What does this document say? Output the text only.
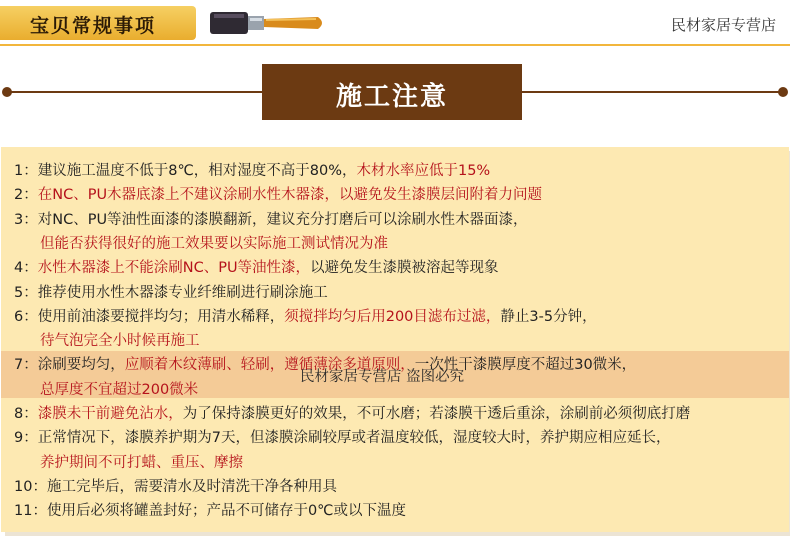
宝贝常规事项	民材家居专营店
施工注意
1：建议施工温度不低于8℃，相对湿度不高于80%，木材水率应低于15%
2：在NC、PU木器底漆上不建议涂刷水性木器漆，以避免发生漆膜层间附着力问题
3：对NC、PU等油性面漆的漆膜翻新，建议充分打磨后可以涂刷水性木器面漆，
但能否获得很好的施工效果要以实际施工测试情况为准
4：水性木器漆上不能涂刷NC、PU等油性漆，以避免发生漆膜被溶起等现象
5：推荐使用水性木器漆专业纤维刷进行刷涂施工
6：使用前油漆要搅拌均匀；用清水稀释，须搅拌均匀后用200目滤布过滤，静止3-5分钟，
待气泡完全小时候再施工
7：涂刷要均匀，应顺着木纹薄刷、轻刷，遵循薄涂多道原则，一次性干漆膜厚度不超过30微米，
总厚度不宜超过200微米
8：漆膜未干前避免沾水，为了保持漆膜更好的效果，不可水磨；若漆膜干透后重涂，涂刷前必须彻底打磨
9：正常情况下，漆膜养护期为7天，但漆膜涂刷较厚或者温度较低，湿度较大时，养护期应相应延长，
养护期间不可打蜡、重压、摩擦
10：施工完毕后，需要清水及时清洗干净各种用具
11：使用后必须将罐盖封好；产品不可储存于0℃或以下温度
民材家居专营店 盗图必究
